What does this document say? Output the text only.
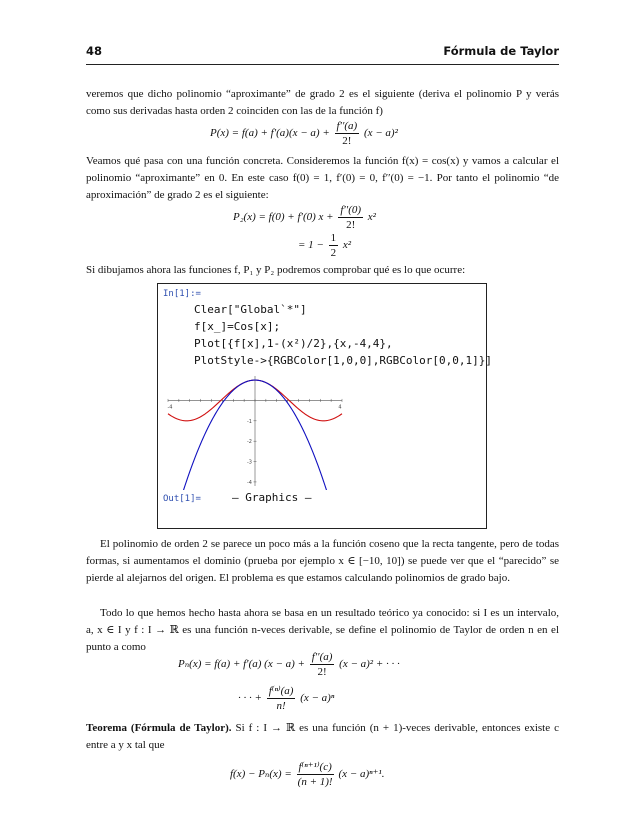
48	Fórmula de Taylor
veremos que dicho polinomio “aproximante” de grado 2 es el siguiente (deriva el polinomio P y verás como sus derivadas hasta orden 2 coinciden con las de la función f)
$P(x) = f(a) + f'(a)(x - a) + \frac{f''(a)}{2!} (x - a)^2$
Veamos qué pasa con una función concreta. Consideremos la función f(x) = cos(x) y vamos a calcular el polinomio “aproximante” en 0. En este caso f(0) = 1, f′(0) = 0, f′′(0) = −1. Por tanto el polinomio “de aproximación” de grado 2 es el siguiente:
P₂(x) = f(0) + f′(0) $x + \frac{f''(0)}{2!} x^2$
= $1 - \frac{1}{2} x^2$
Si dibujamos ahora las funciones f, P₁ y P₂ podremos comprobar qué es lo que ocurre:
In[1]:=
Clear["Global`*"]
f[x_]=Cos[x];
Plot[{f[x],1-(x²)/2},{x,-4,4},
PlotStyle->{RGBColor[1,0,0],RGBColor[0,0,1]}]
-4	4
-1
-2
-3
-4
Out[1]=	– Graphics –
El polinomio de orden 2 se parece un poco más a la función coseno que la recta tangente, pero de todas formas, si aumentamos el dominio (prueba por ejemplo x ∈ [−10, 10]) se puede ver que el “parecido” se pierde al alejarnos del origen. El problema es que estamos calculando polinomios de grado bajo.
Todo lo que hemos hecho hasta ahora se basa en un resultado teórico ya conocido: si I es un intervalo, a, x ∈ I y f : I → ℝ es una función n-veces derivable, se define el polinomio de Taylor de orden n en el punto a como
Pₙ(x) = f(a) + f′(a) $(x - a) + \frac{f''(a)}{2!} (x - a)^2$ + · · ·
· · · + $\frac{\text{f⁽ⁿ⁾(a)}}{n!} (x - a)^n$
Teorema (Fórmula de Taylor). Si f : I → ℝ es una función (n + 1)-veces derivable, entonces existe c entre a y x tal que
$f(x) - P_n(x) = \frac{\text{f⁽ⁿ⁺¹⁾(c)}}{(n + 1)!} (x - a)^{n+1}$.
